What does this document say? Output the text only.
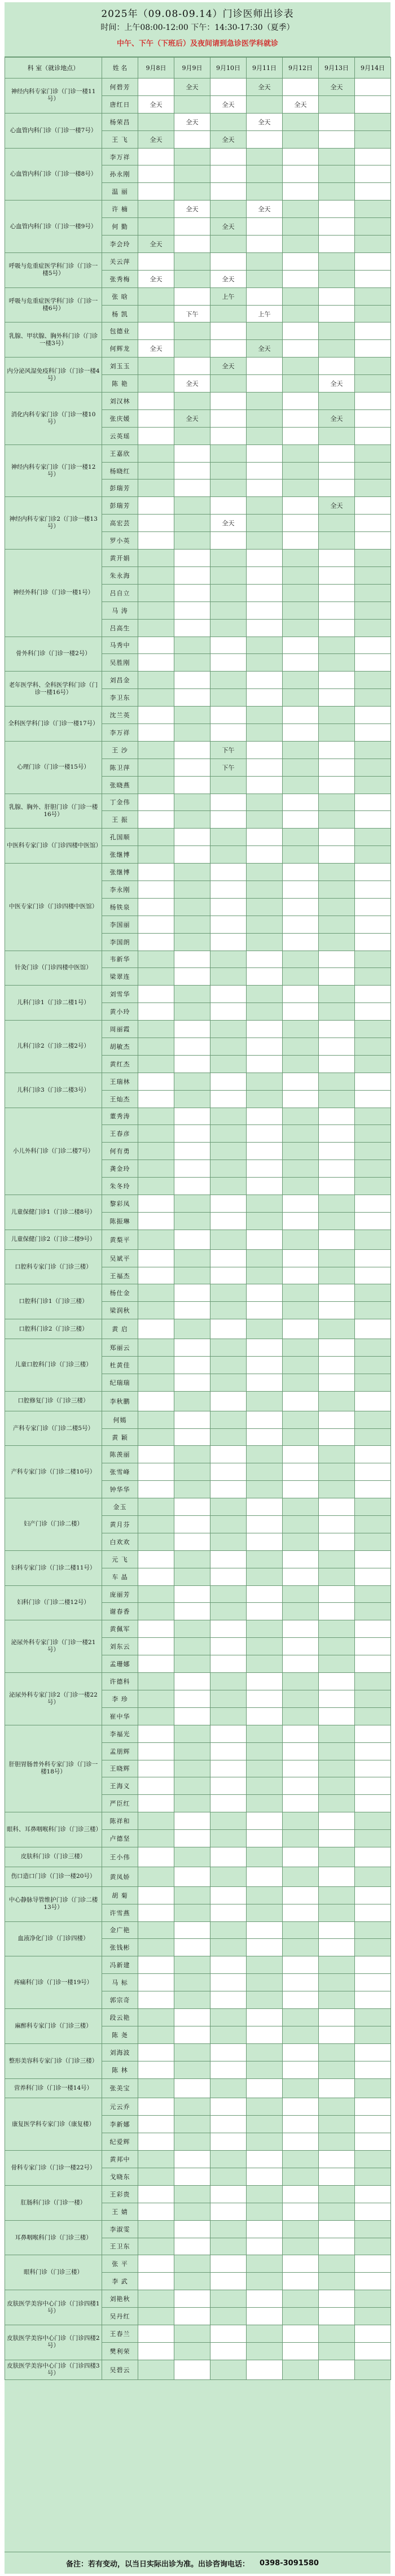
2025年（09.08-09.14）门诊医师出诊表
时间：上午08:00-12:00 下午：14:30-17:30（夏季）
中午、下午（下班后）及夜间请到急诊医学科就诊
科 室（就诊地点）	姓 名	9月8日	9月9日	9月10日	9月11日	9月12日	9月13日	9月14日
神经内科专家门诊（门诊一楼11号）	何碧芳		全天		全天		全天	
	唐红日	全天		全天		全天		
心血管内科门诊（门诊一楼7号）	杨荣昌		全天		全天			
	王 飞	全天		全天				
心血管内科门诊（门诊一楼8号）	李万祥							
	孙永刚							
	温 丽							
心血管内科门诊（门诊一楼9号）	许 楠		全天		全天			
	何 勤			全天				
	李会玲	全天						
呼吸与危重症医学科门诊（门诊一楼5号）	关云萍							
	张秀梅	全天		全天				
呼吸与危重症医学科门诊（门诊一楼6号）	张 晗			上午				
	杨 凯		下午		上午			
乳腺、甲状腺、胸外科门诊（门诊一楼3号）	包德业							
	何辉龙	全天			全天			
内分泌风湿免疫科门诊（门诊一楼4号）	刘玉玉			全天				
	陈 艳		全天				全天	
消化内科专家门诊（门诊一楼10号）	刘汉林							
	张庆媛		全天				全天	
	云英瑶							
神经内科专家门诊（门诊一楼12号）	王嘉欣							
	杨晓红							
	彭瑞芳							
神经内科专家门诊2（门诊一楼13号）	彭瑞芳						全天	
	高宏芸			全天				
	罗小英							
神经外科门诊（门诊一楼1号）	黄开娟							
	朱永海							
	吕自立							
	马 涛							
	吕高生							
骨外科门诊（门诊一楼2号）	马秀中							
	吴胜刚							
老年医学科、全科医学科门诊（门诊一楼16号）	刘昌金							
	李卫东							
全科医学科门诊（门诊一楼17号）	沈兰英							
	李万祥							
心理门诊（门诊一楼15号）	王 沙			下午				
	陈卫萍			下午				
	张晓燕							
乳腺、胸外、肝胆门诊（门诊一楼16号）	丁金伟							
	王 振							
中医科专家门诊（门诊四楼中医馆）	孔国顺							
	张继博							
中医专家门诊（门诊四楼中医馆）	张继博							
	李永刚							
	杨铁泉							
	李国丽							
	李国朗							
针灸门诊（门诊四楼中医馆）	韦新华							
	梁翠连							
儿科门诊1（门诊二楼1号）	刘雪华							
	黄小玲							
儿科门诊2（门诊二楼2号）	周丽霞							
	胡敏杰							
	黄红杰							
儿科门诊3（门诊二楼3号）	王瑞林							
	王灿杰							
小儿外科门诊（门诊二楼7号）	董秀涛							
	王春彦							
	何有勇							
	龚金玲							
	朱冬玲							
儿童保健门诊1（门诊二楼8号）	黎彩凤							
	陈振琳							
儿童保健门诊2（门诊二楼9号）	黄梨平							
口腔科专家门诊（门诊三楼）	吴斌平							
	王福杰							
口腔科门诊1（门诊三楼）	杨仕金							
	梁润秋							
口腔科门诊2（门诊三楼）	黄 启							
儿童口腔科门诊（门诊三楼）	郑丽云							
	杜黄佳							
	纪瑞瑞							
口腔修复门诊（门诊三楼）	李秋鹏							
产科专家门诊（门诊二楼5号）	何嫣							
	黄 颖							
产科专家门诊（门诊二楼10号）	陈羡丽							
	张雪峰							
	钟华华							
妇产门诊（门诊二楼）	金玉							
	黄月芬							
	白欢欢							
妇科专家门诊（门诊二楼11号）	元 飞							
	车 晶							
妇科门诊（门诊二楼12号）	庞丽芳							
	谢春香							
泌尿外科专家门诊（门诊一楼21号）	黄佩军							
	刘东云							
	孟珊娜							
泌尿外科专家门诊2（门诊一楼22号）	许德科							
	李 珍							
	崔中华							
肝胆胃肠普外科专家门诊（门诊一楼18号）	李福光							
	孟朋辉							
	王晓辉							
	王海义							
	严臣红							
眼科、耳鼻咽喉科门诊（门诊三楼）	陈祥和							
	卢德坚							
皮肤科门诊（门诊三楼）	王小伟							
伤口造口门诊（门诊一楼20号）	黄凤娇							
中心静脉导管维护门诊（门诊二楼13号）	胡 菊							
	许雪燕							
血液净化门诊（门诊四楼）	金广艳							
	张钱彬							
疼痛科门诊（门诊一楼19号）	冯新建							
	马 标							
	郭宗奇							
麻醉科专家门诊（门诊三楼）	段云艳							
	陈 尧							
整形美容科专家门诊（门诊三楼）	刘海波							
	陈 林							
营养科门诊（门诊一楼14号）	张美宝							
康复医学科专家门诊（康复楼）	元云乔							
	李新娜							
	纪爱辉							
骨科专家门诊（门诊一楼22号）	黄邦中							
	戈晓东							
肛肠科门诊（门诊一楼）	王彩贵							
	王 婧							
耳鼻咽喉科门诊（门诊三楼）	李淑雯							
	王卫东							
眼科门诊（门诊三楼）	张 平							
	李 武							
皮肤医学美容中心门诊（门诊四楼1号）	刘艳秋							
	吴丹红							
皮肤医学美容中心门诊（门诊四楼2号）	王春兰							
	樊利荣							
皮肤医学美容中心门诊（门诊四楼3号）	吴碧云							
备注：若有变动，以当日实际出诊为准。出诊咨询电话： 0398-3091580
